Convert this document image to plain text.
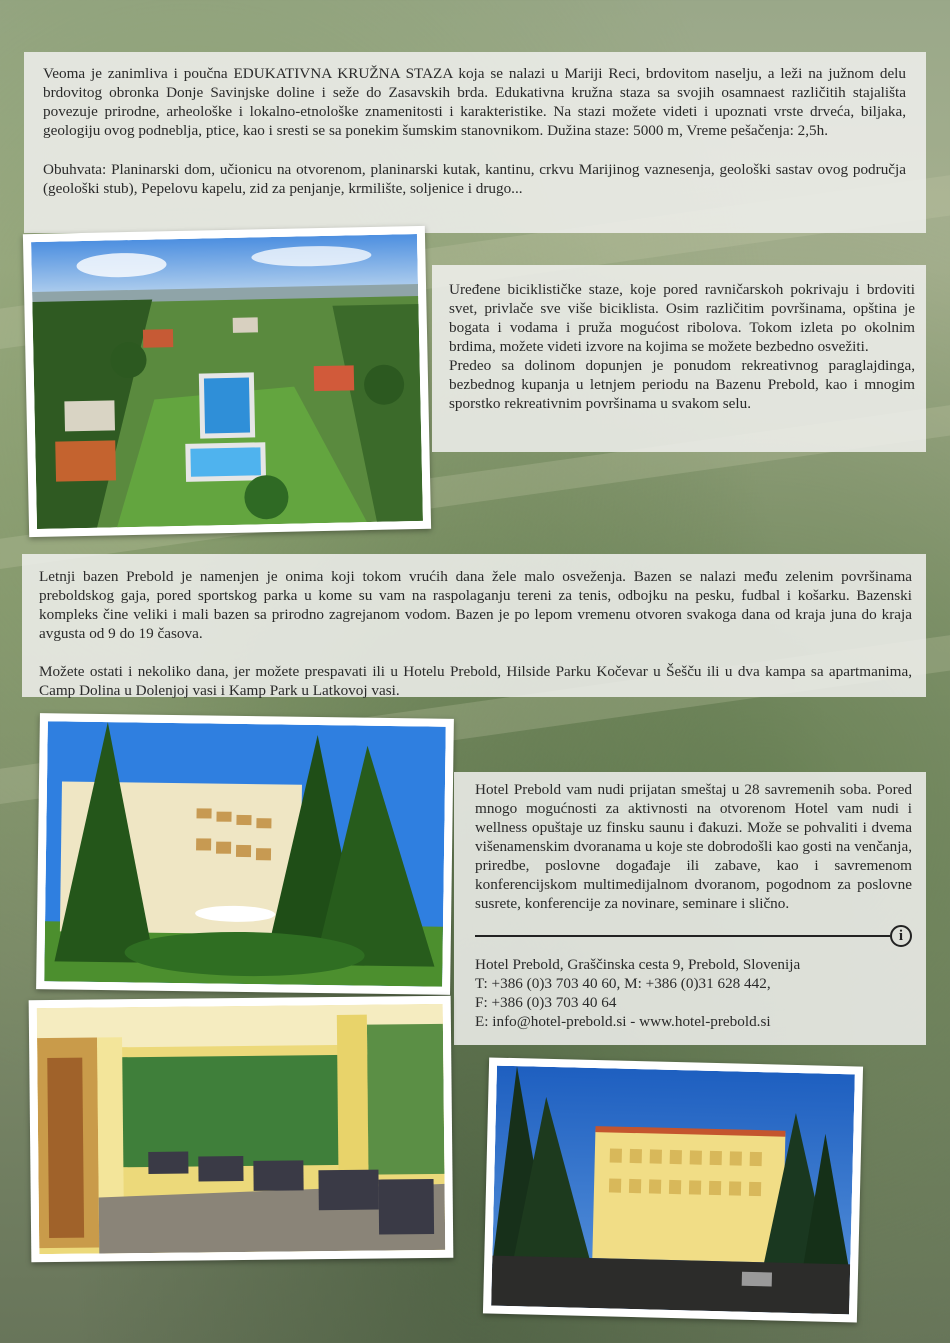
Veoma je zanimliva i poučna EDUKATIVNA KRUŽNA STAZA koja se nalazi u Mariji Reci, brdovitom naselju, a leži na južnom delu brdovitog obronka Donje Savinjske doline i seže do Zasavskih brda. Edukativna kružna staza sa svojih osamnaest različitih stajališta povezuje prirodne, arheološke i lokalno-etnološke znamenitosti i karakteristike. Na stazi možete videti i upoznati vrste drveća, biljaka, geologiju ovog podneblja, ptice, kao i sresti se sa ponekim šumskim stanovnikom. Dužina staze: 5000 m, Vreme pešačenja: 2,5h.

Obuhvata: Planinarski dom, učionicu na otvorenom, planinarski kutak, kantinu, crkvu Marijinog vaznesenja, geološki sastav ovog područja (geološki stub), Pepelovu kapelu, zid za penjanje, krmilište, soljenice i drugo...

Uređene biciklističke staze, koje pored ravničarskoh pokrivaju i brdoviti svet, privlače sve više biciklista. Osim različitim površinama, opština je bogata i vodama i pruža mogućost ribolova. Tokom izleta po okolnim brdima, možete videti izvore na kojima se možete bezbedno osvežiti.

Predeo sa dolinom dopunjen je ponudom rekreativnog paraglajdinga, bezbednog kupanja u letnjem periodu na Bazenu Prebold, kao i mnogim sporstko rekreativnim površinama u svakom selu.

Letnji bazen Prebold je namenjen je onima koji tokom vrućih dana žele malo osveženja. Bazen se nalazi među zelenim površinama preboldskog gaja, pored sportskog parka u kome su vam na raspolaganju tereni za tenis, odbojku na pesku, fudbal i košarku. Bazenski kompleks čine veliki i mali bazen sa prirodno zagrejanom vodom. Bazen je po lepom vremenu otvoren svakoga dana od kraja juna do kraja avgusta od 9 do 19 časova.

Možete ostati i nekoliko dana, jer možete prespavati ili u Hotelu Prebold, Hilside Parku Kočevar u Šešču ili u dva kampa sa apartmanima, Camp Dolina u Dolenjoj vasi i Kamp Park u Latkovoj vasi.

Hotel Prebold vam nudi prijatan smeštaj u 28 savremenih soba. Pored mnogo mogućnosti za aktivnosti na otvorenom Hotel vam nudi i wellness opuštaje uz finsku saunu i đakuzi. Može se pohvaliti i dvema višenamenskim dvoranama u koje ste dobrodošli kao gosti na venčanja, priredbe, poslovne događaje ili zabave, kao i savremenom konferencijskom multimedijalnom dvoranom, pogodnom za poslovne susrete, konferencije za novinare, seminare i slično.

i

Hotel Prebold, Graščinska cesta 9, Prebold, Slovenija

T: +386 (0)3 703 40 60, M: +386 (0)31 628 442,

F: +386 (0)3 703 40 64

E: info@hotel-prebold.si - www.hotel-prebold.si
